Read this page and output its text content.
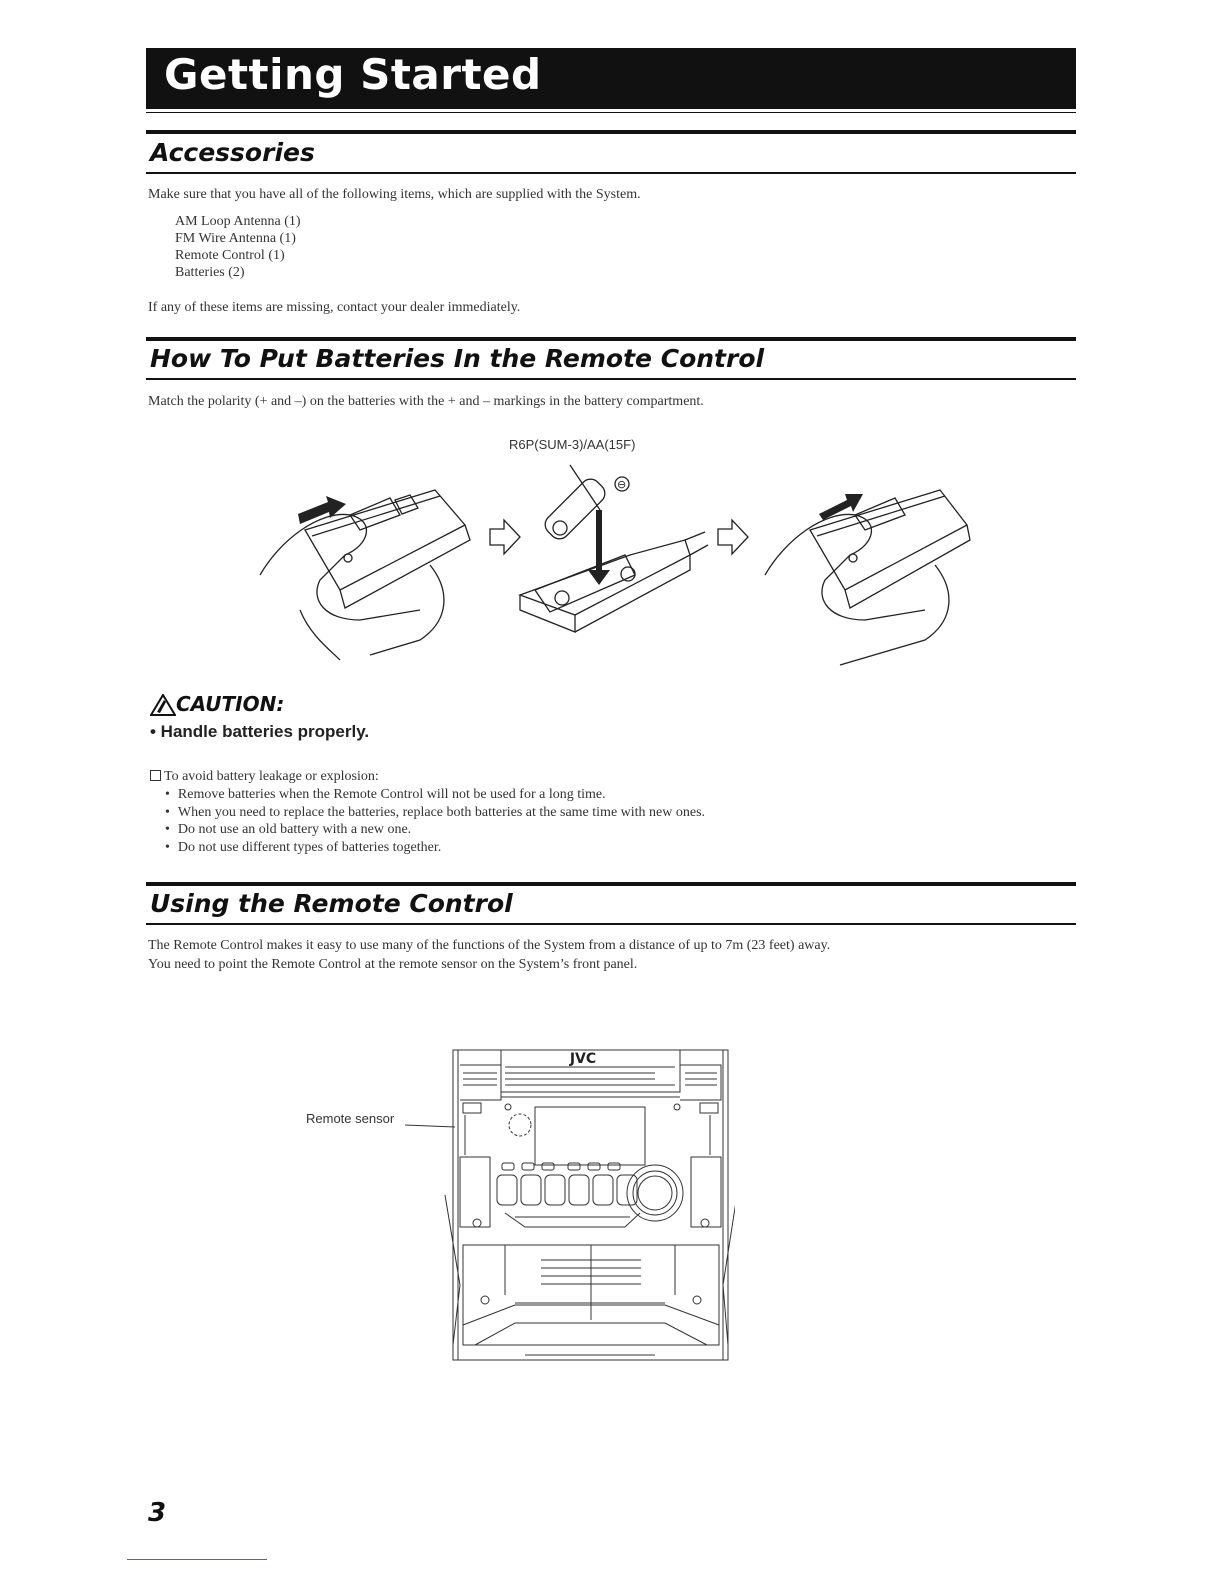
Getting Started
Accessories
Make sure that you have all of the following items, which are supplied with the System.
AM Loop Antenna (1)
FM Wire Antenna (1)
Remote Control (1)
Batteries (2)
If any of these items are missing, contact your dealer immediately.
How To Put Batteries In the Remote Control
Match the polarity (+ and –) on the batteries with the + and – markings in the battery compartment.
R6P(SUM-3)/AA(15F)
⊖
CAUTION:
• Handle batteries properly.
To avoid battery leakage or explosion:
• Remove batteries when the Remote Control will not be used for a long time.
• When you need to replace the batteries, replace both batteries at the same time with new ones.
• Do not use an old battery with a new one.
• Do not use different types of batteries together.
Using the Remote Control
The Remote Control makes it easy to use many of the functions of the System from a distance of up to 7m (23 feet) away.
You need to point the Remote Control at the remote sensor on the System’s front panel.
Remote sensor
JVC
3
